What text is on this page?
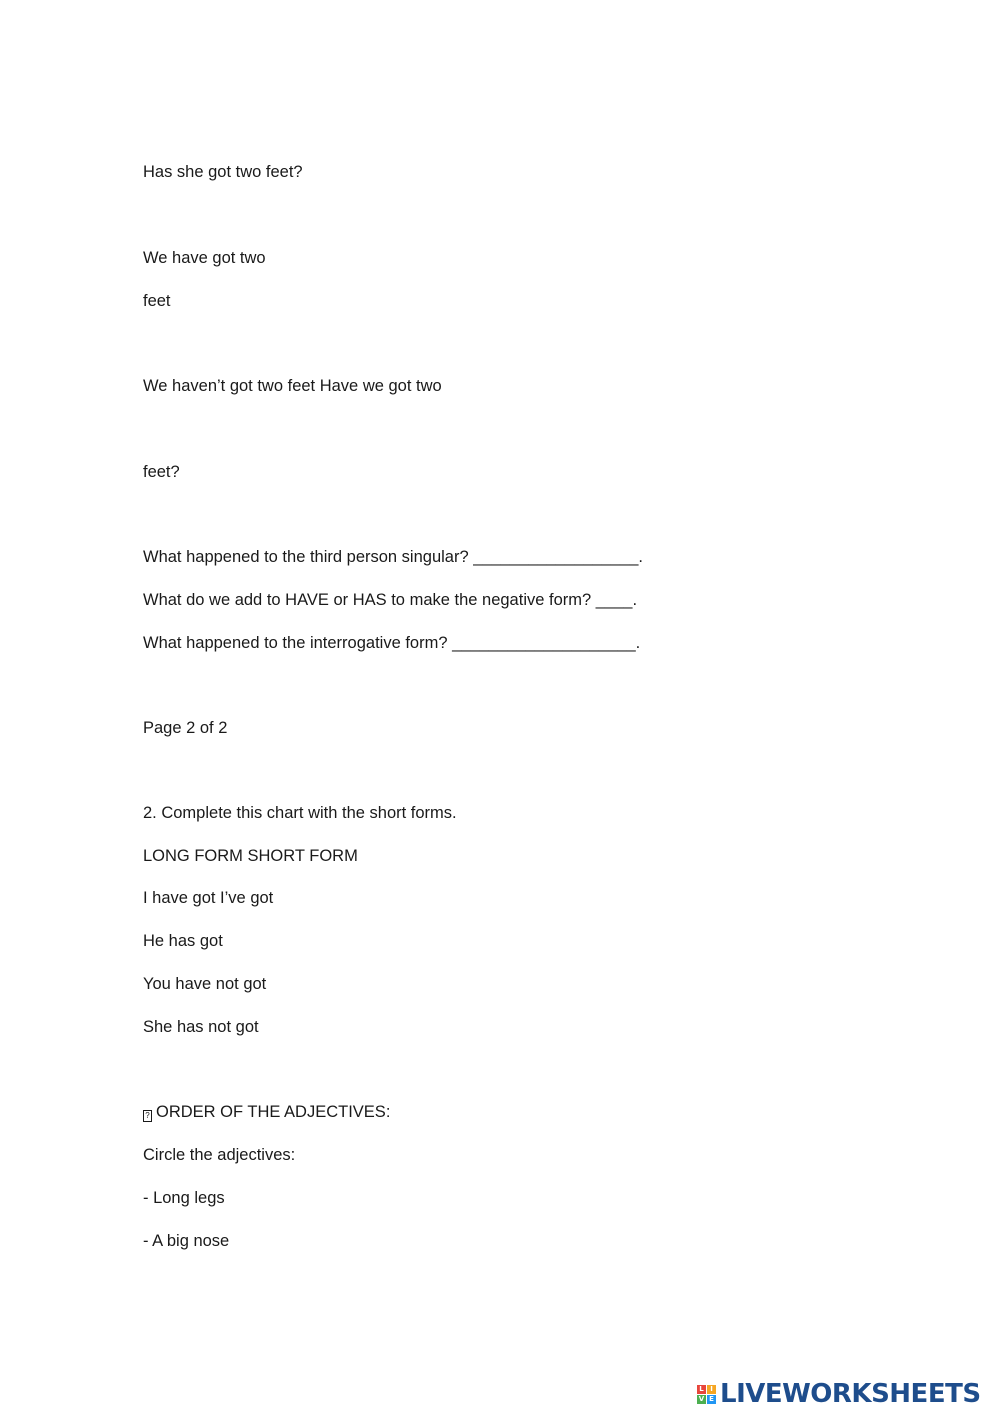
Has she got two feet?

We have got two

feet

We haven’t got two feet Have we got two

feet?

What happened to the third person singular? __________________.

What do we add to HAVE or HAS to make the negative form? ____.

What happened to the interrogative form? ____________________.

Page 2 of 2

2. Complete this chart with the short forms.

LONG FORM SHORT FORM

I have got I’ve got

He has got

You have not got

She has not got

? ORDER OF THE ADJECTIVES:

Circle the adjectives:

- Long legs

- A big nose

L I
V E LIVEWORKSHEETS
